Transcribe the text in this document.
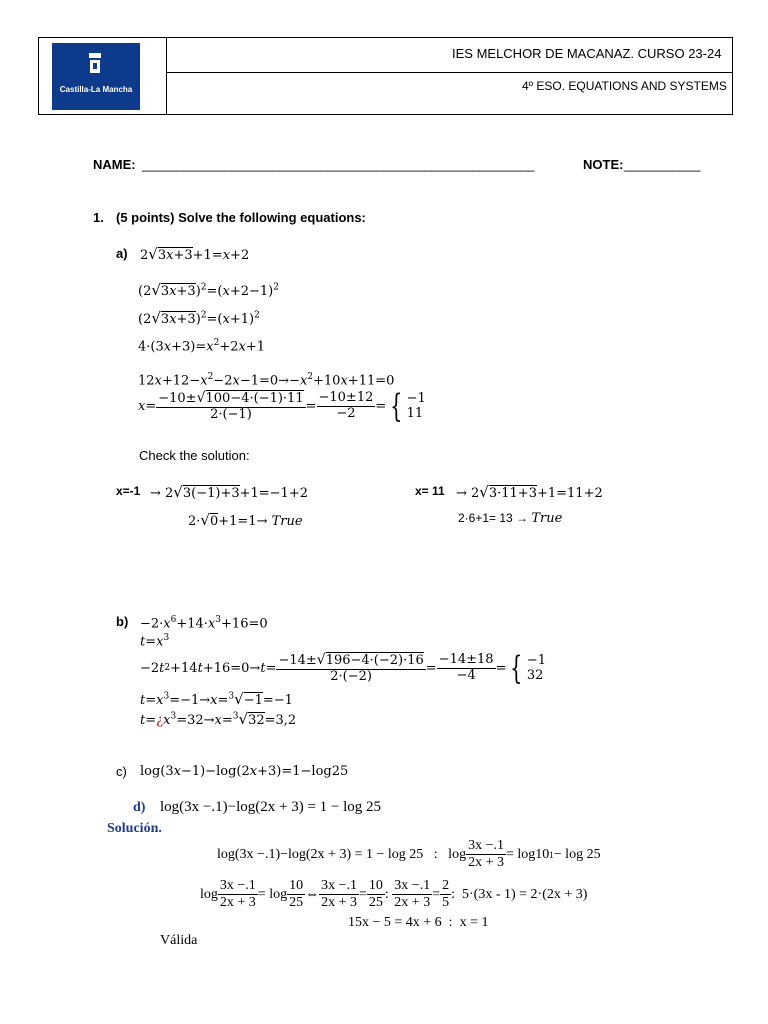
Castilla-La Mancha
IES MELCHOR DE MACANAZ. CURSO 23-24
4º ESO. EQUATIONS AND SYSTEMS
NAME: _________________________________________________________	NOTE: ___________
1. (5 points) Solve the following equations:
a) 2√3x+3+1=x+2
$(2√3x+3)^2=(x+2-1)^2$
$(2√3x+3)^2=(x+1)^2$
$4\cdot(3x+3)=x^2+2x+1$
$12x+12-x^2-2x-1=0\to-x^2+10x+11=0$
$x = \frac{-10\pm√100-4\cdot(-1)\cdot 11}{2\cdot(-1)} = \frac{-10\pm 12}{-2}$ = { −1
11
Check the solution:
x=-1 → 2√3(−1)+3+1=−1+2
2·√0+1=1→ True
x= 11 → 2√3·11+3+1=11+2
2·6+1= 13 → True
$b) -2\cdot x^6+14\cdot x^3+16=0$
$t=x^3$
−2 t 2 +14 $t +16=0\to t = \frac{-14\pm√196-4\cdot(-2)\cdot 16}{2\cdot(-2)} = \frac{-14\pm 18}{-4}$ = { −1
32
$t=x^3=-1\to x=^3√-1=-1$
$t=¿x^3=32\to x=^3√32=3,2$
c) log(3x−1)−log(2x+3)=1−log25
d) log(3x −.1)−log(2x + 3) = 1 − log 25
Solución.
log(3x −.1)−log(2x + 3) = 1 − log 25   :   $\log \frac{3x -.1}{2x + 3} = \log 10$ 1 − log 25
$\log \frac{3x -.1}{2x + 3} = \log \frac{10}{25}$ ⇔ $\frac{3x -.1}{2x + 3} = \frac{10}{25}$ : $\frac{3x -.1}{2x + 3} = \frac{2}{5}$ :  5·(3x - 1) = 2·(2x + 3)
15x − 5 = 4x + 6  :  x = 1
Válida
